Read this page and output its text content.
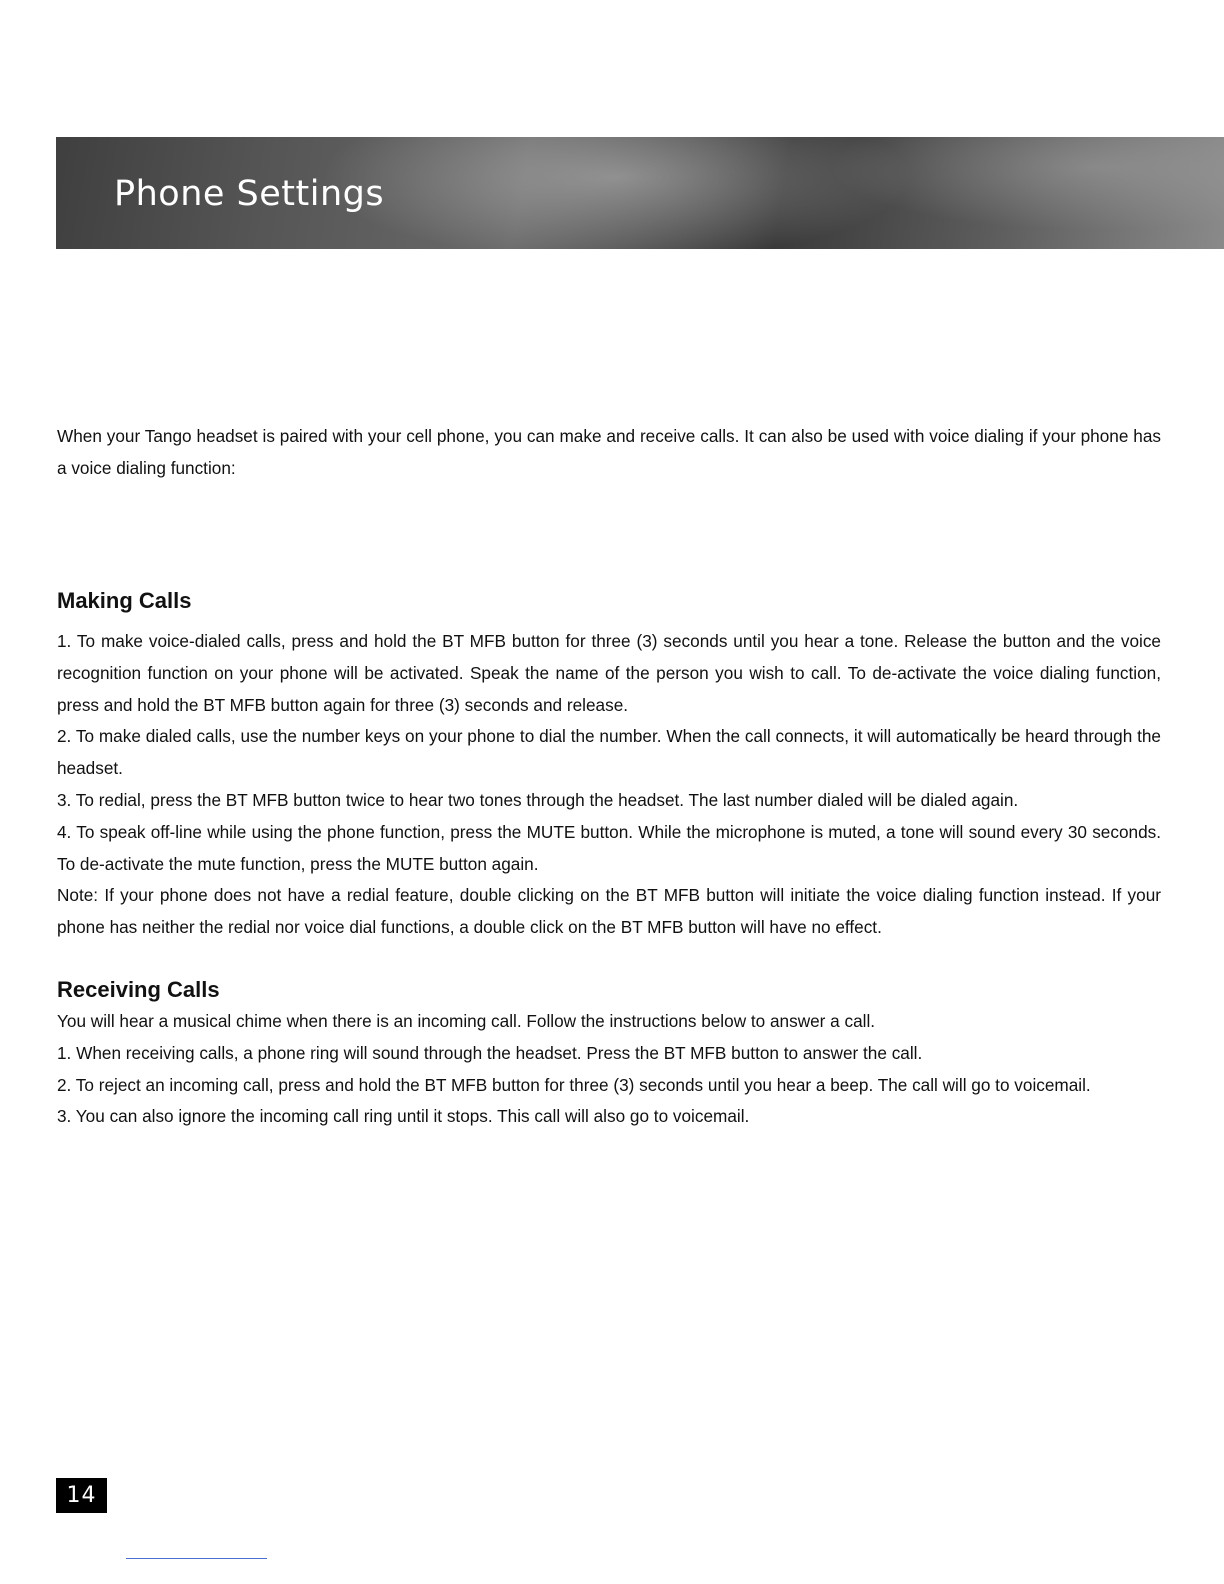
Phone Settings

When your Tango headset is paired with your cell phone, you can make and receive calls. It can also be used with voice dialing if your phone has a voice dialing function:

Making Calls

1. To make voice-dialed calls, press and hold the BT MFB button for three (3) seconds until you hear a tone. Release the button and the voice recognition function on your phone will be activated. Speak the name of the person you wish to call. To de-activate the voice dialing function, press and hold the BT MFB button again for three (3) seconds and release.

2. To make dialed calls, use the number keys on your phone to dial the number. When the call connects, it will automatically be heard through the headset.

3. To redial, press the BT MFB button twice to hear two tones through the headset. The last number dialed will be dialed again.

4. To speak off-line while using the phone function, press the MUTE button. While the microphone is muted, a tone will sound every 30 seconds. To de-activate the mute function, press the MUTE button again.

Note: If your phone does not have a redial feature, double clicking on the BT MFB button will initiate the voice dialing function instead. If your phone has neither the redial nor voice dial functions, a double click on the BT MFB button will have no effect.

Receiving Calls

You will hear a musical chime when there is an incoming call. Follow the instructions below to answer a call.

1. When receiving calls, a phone ring will sound through the headset. Press the BT MFB button to answer the call.

2. To reject an incoming call, press and hold the BT MFB button for three (3) seconds until you hear a beep. The call will go to voicemail.

3. You can also ignore the incoming call ring until it stops. This call will also go to voicemail.

14
